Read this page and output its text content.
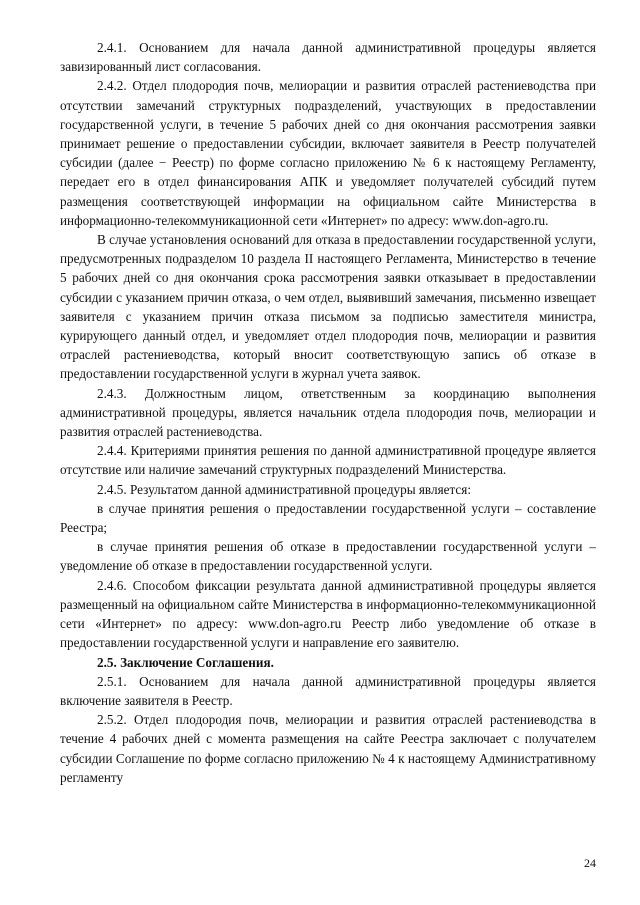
2.4.1. Основанием для начала данной административной процедуры является завизированный лист согласования.

2.4.2. Отдел плодородия почв, мелиорации и развития отраслей растениеводства при отсутствии замечаний структурных подразделений, участвующих в предоставлении государственной услуги, в течение 5 рабочих дней со дня окончания рассмотрения заявки принимает решение о предоставлении субсидии, включает заявителя в Реестр получателей субсидии (далее − Реестр) по форме согласно приложению № 6 к настоящему Регламенту, передает его в отдел финансирования АПК и уведомляет получателей субсидий путем размещения соответствующей информации на официальном сайте Министерства в информационно-телекоммуникационной сети «Интернет» по адресу: www.don-agro.ru.

В случае установления оснований для отказа в предоставлении государственной услуги, предусмотренных подразделом 10 раздела II настоящего Регламента, Министерство в течение 5 рабочих дней со дня окончания срока рассмотрения заявки отказывает в предоставлении субсидии с указанием причин отказа, о чем отдел, выявивший замечания, письменно извещает заявителя с указанием причин отказа письмом за подписью заместителя министра, курирующего данный отдел, и уведомляет отдел плодородия почв, мелиорации и развития отраслей растениеводства, который вносит соответствующую запись об отказе в предоставлении государственной услуги в журнал учета заявок.

2.4.3. Должностным лицом, ответственным за координацию выполнения административной процедуры, является начальник отдела плодородия почв, мелиорации и развития отраслей растениеводства.

2.4.4. Критериями принятия решения по данной административной процедуре является отсутствие или наличие замечаний структурных подразделений Министерства.

2.4.5. Результатом данной административной процедуры является:

в случае принятия решения о предоставлении государственной услуги – составление Реестра;

в случае принятия решения об отказе в предоставлении государственной услуги – уведомление об отказе в предоставлении государственной услуги.

2.4.6. Способом фиксации результата данной административной процедуры является размещенный на официальном сайте Министерства в информационно-телекоммуникационной сети «Интернет» по адресу: www.don-agro.ru Реестр либо уведомление об отказе в предоставлении государственной услуги и направление его заявителю.

2.5. Заключение Соглашения.

2.5.1. Основанием для начала данной административной процедуры является включение заявителя в Реестр.

2.5.2. Отдел плодородия почв, мелиорации и развития отраслей растениеводства в течение 4 рабочих дней с момента размещения на сайте Реестра заключает с получателем субсидии Соглашение по форме согласно приложению № 4 к настоящему Административному регламенту

24
